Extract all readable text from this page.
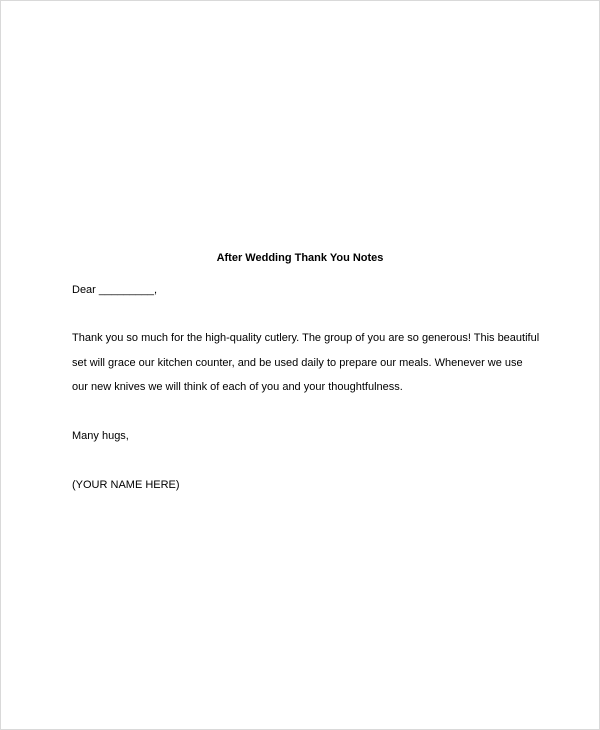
After Wedding Thank You Notes
Dear _________,
Thank you so much for the high-quality cutlery. The group of you are so generous! This beautiful
set will grace our kitchen counter, and be used daily to prepare our meals. Whenever we use
our new knives we will think of each of you and your thoughtfulness.
Many hugs,
(YOUR NAME HERE)
